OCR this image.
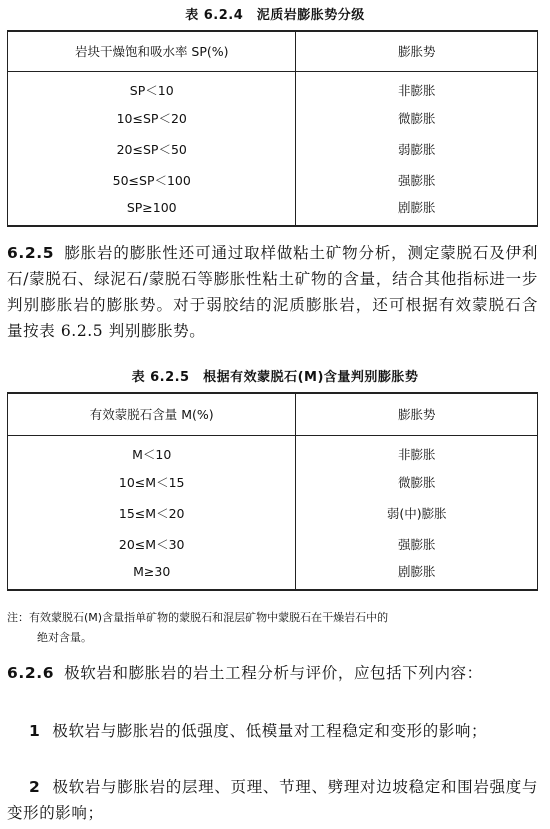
表 6.2.4　泥质岩膨胀势分级
岩块干燥饱和吸水率 SP(%)	膨胀势
SP＜10	非膨胀
10≤SP＜20	微膨胀
20≤SP＜50	弱膨胀
50≤SP＜100	强膨胀
SP≥100	剧膨胀
6.2.5 膨胀岩的膨胀性还可通过取样做粘土矿物分析，测定蒙脱石及伊利石/蒙脱石、绿泥石/蒙脱石等膨胀性粘土矿物的含量，结合其他指标进一步判别膨胀岩的膨胀势。对于弱胶结的泥质膨胀岩，还可根据有效蒙脱石含量按表 6.2.5 判别膨胀势。
表 6.2.5　根据有效蒙脱石(M)含量判别膨胀势
有效蒙脱石含量 M(%)	膨胀势
M＜10	非膨胀
10≤M＜15	微膨胀
15≤M＜20	弱(中)膨胀
20≤M＜30	强膨胀
M≥30	剧膨胀
注：有效蒙脱石(M)含量指单矿物的蒙脱石和混层矿物中蒙脱石在干燥岩石中的
绝对含量。
6.2.6 极软岩和膨胀岩的岩土工程分析与评价，应包括下列内容：
1 极软岩与膨胀岩的低强度、低模量对工程稳定和变形的影响；
2 极软岩与膨胀岩的层理、页理、节理、劈理对边坡稳定和围岩强度与变形的影响；
